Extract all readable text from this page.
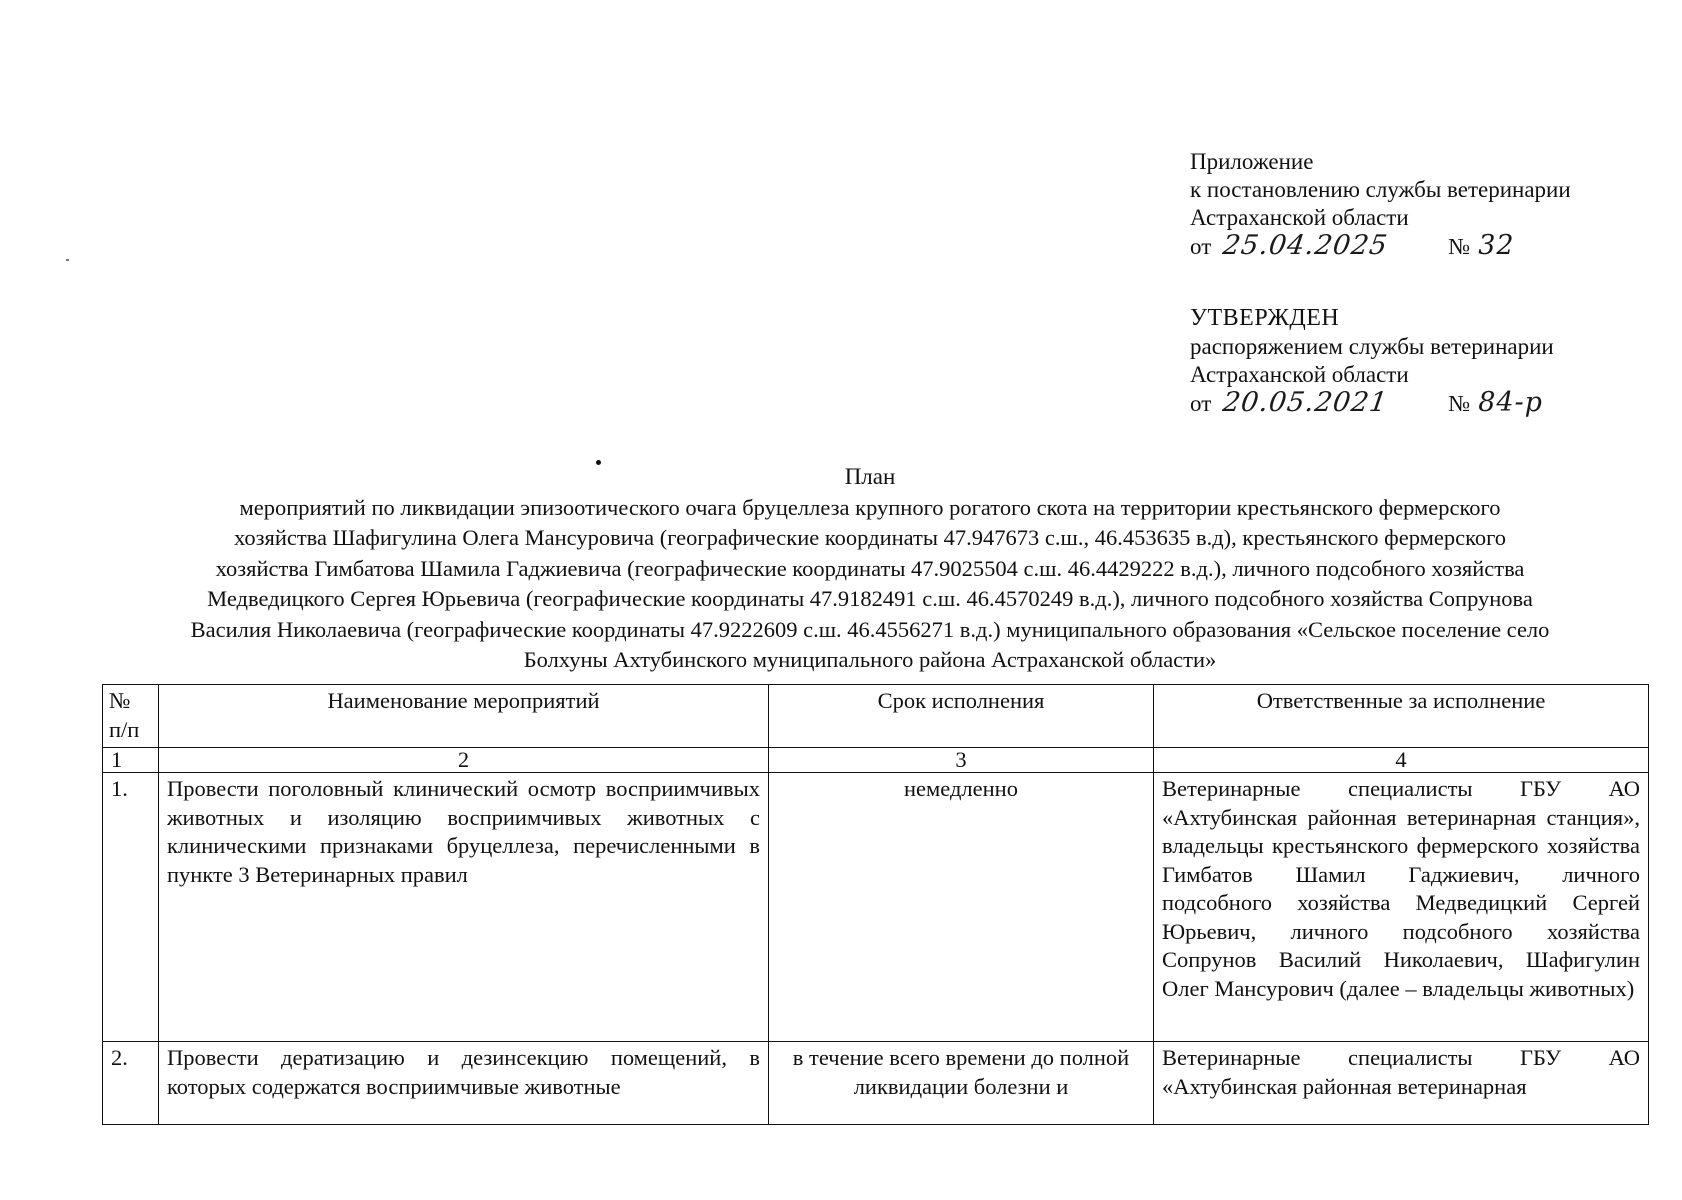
Приложение
к постановлению службы ветеринарии
Астраханской области
от 25.04.2025	№ 32
УТВЕРЖДЕН
распоряжением службы ветеринарии
Астраханской области
от 20.05.2021	№ 84-р
План
мероприятий по ликвидации эпизоотического очага бруцеллеза крупного рогатого скота на территории крестьянского фермерского
хозяйства Шафигулина Олега Мансуровича (географические координаты 47.947673 с.ш., 46.453635 в.д), крестьянского фермерского
хозяйства Гимбатова Шамила Гаджиевича (географические координаты 47.9025504 с.ш. 46.4429222 в.д.), личного подсобного хозяйства
Медведицкого Сергея Юрьевича (географические координаты 47.9182491 с.ш. 46.4570249 в.д.), личного подсобного хозяйства Сопрунова
Василия Николаевича (географические координаты 47.9222609 с.ш. 46.4556271 в.д.) муниципального образования «Сельское поселение село
Болхуны Ахтубинского муниципального района Астраханской области»
№ п/п	Наименование мероприятий	Срок исполнения	Ответственные за исполнение
1	2	3	4
1.	Провести поголовный клинический осмотр восприимчивых животных и изоляцию восприимчивых животных с клиническими признаками бруцеллеза, перечисленными в пункте 3 Ветеринарных правил	немедленно	Ветеринарные специалисты ГБУ АО «Ахтубинская районная ветеринарная станция», владельцы крестьянского фермерского хозяйства Гимбатов Шамил Гаджиевич, личного подсобного хозяйства Медведицкий Сергей Юрьевич, личного подсобного хозяйства Сопрунов Василий Николаевич, Шафигулин Олег Мансурович (далее – владельцы животных)
2.	Провести дератизацию и дезинсекцию помещений, в которых содержатся восприимчивые животные	в течение всего времени до полной ликвидации болезни и	Ветеринарные специалисты ГБУ АО «Ахтубинская районная ветеринарная
